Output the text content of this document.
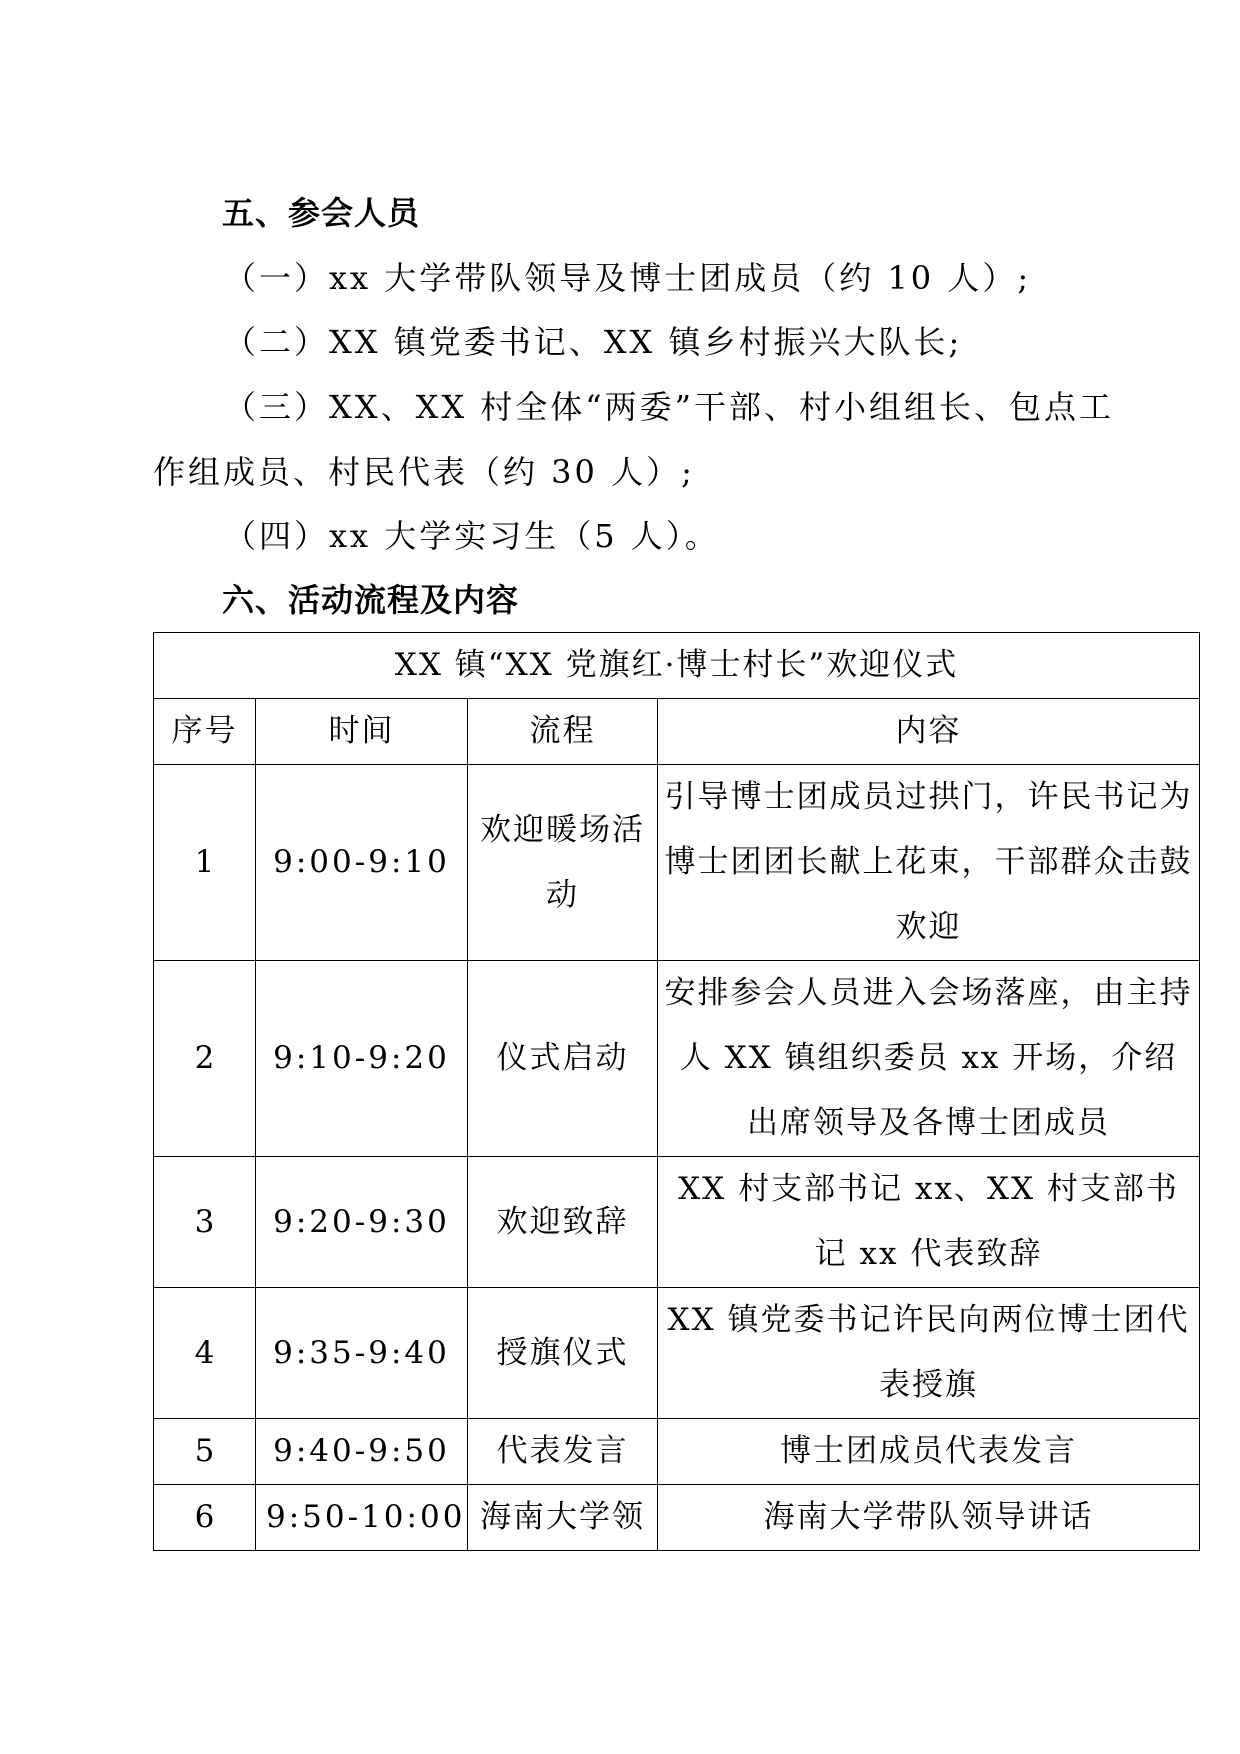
五、参会人员
（一）xx 大学带队领导及博士团成员（约 10 人）;
（二）XX 镇党委书记、XX 镇乡村振兴大队长;
（三）XX、XX 村全体“两委”干部、村小组组长、包点工
作组成员、村民代表（约 30 人）;
（四）xx 大学实习生（5 人）。
六、活动流程及内容
XX 镇“XX 党旗红·博士村长”欢迎仪式			
序号	时间	流程	内容
1	9:00-9:10	欢迎暖场活动	引导博士团成员过拱门，许民书记为博士团团长献上花束，干部群众击鼓欢迎
2	9:10-9:20	仪式启动	安排参会人员进入会场落座，由主持人 XX 镇组织委员 xx 开场，介绍出席领导及各博士团成员
3	9:20-9:30	欢迎致辞	XX 村支部书记 xx、XX 村支部书记 xx 代表致辞
4	9:35-9:40	授旗仪式	XX 镇党委书记许民向两位博士团代表授旗
5	9:40-9:50	代表发言	博士团成员代表发言
6	9:50-10:00	海南大学领	海南大学带队领导讲话
